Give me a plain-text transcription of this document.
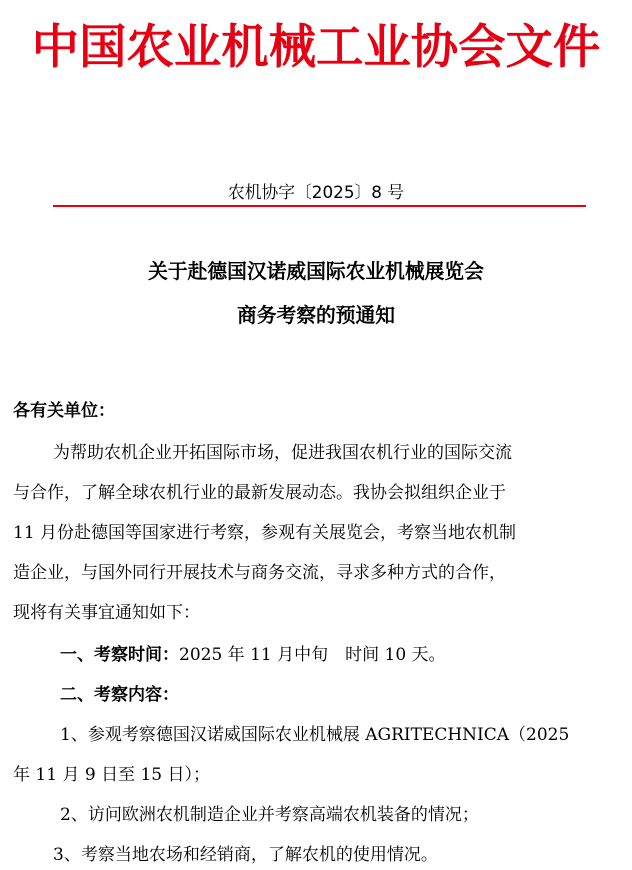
中国农业机械工业协会文件
农机协字〔2025〕8 号
关于赴德国汉诺威国际农业机械展览会
商务考察的预通知
各有关单位：
为帮助农机企业开拓国际市场，促进我国农机行业的国际交流
与合作，了解全球农机行业的最新发展动态。我协会拟组织企业于
11 月份赴德国等国家进行考察，参观有关展览会，考察当地农机制
造企业，与国外同行开展技术与商务交流，寻求多种方式的合作，
现将有关事宜通知如下：
一、考察时间：2025 年 11 月中旬　时间 10 天。
二、考察内容：
1、参观考察德国汉诺威国际农业机械展 AGRITECHNICA（2025
年 11 月 9 日至 15 日）；
2、访问欧洲农机制造企业并考察高端农机装备的情况；
3、考察当地农场和经销商，了解农机的使用情况。
